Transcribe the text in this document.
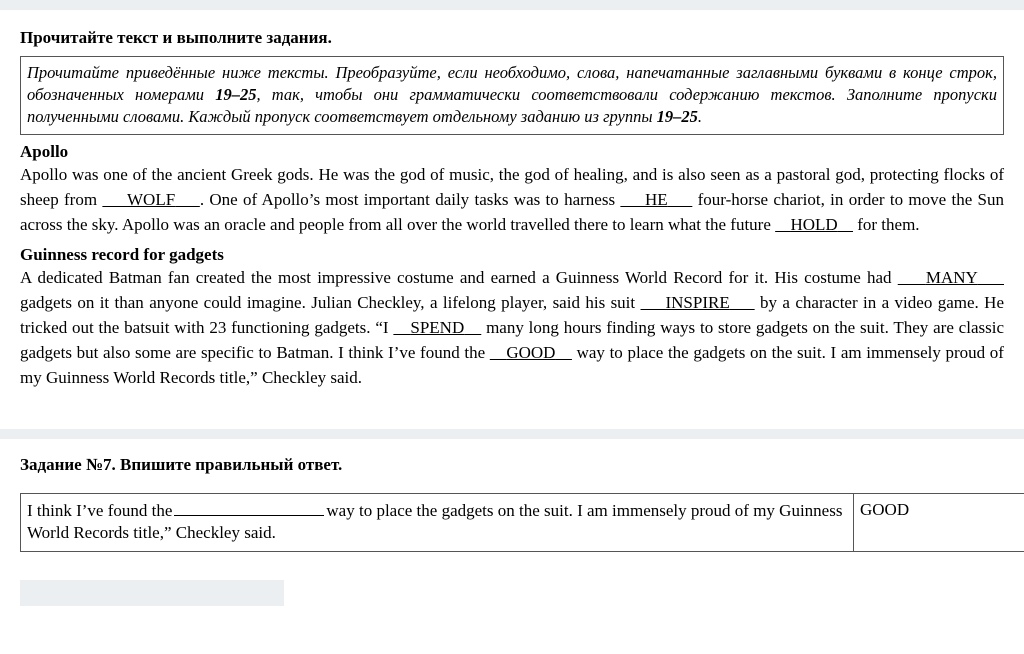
Прочитайте текст и выполните задания.

Прочитайте приведённые ниже тексты. Преобразуйте, если необходимо, слова, напечатанные заглавными буквами в конце строк, обозначенных номерами 19–25, так, чтобы они грамматически соответствовали содержанию текстов. Заполните пропуски полученными словами. Каждый пропуск соответствует отдельному заданию из группы 19–25.

Apollo

Apollo was one of the ancient Greek gods. He was the god of music, the god of healing, and is also seen as a pastoral god, protecting flocks of sheep from     WOLF . One of Apollo’s most important daily tasks was to harness     HE     four-horse chariot, in order to move the Sun across the sky. Apollo was an oracle and people from all over the world travelled there to learn what the future    HOLD    for them.

Guinness record for gadgets

A dedicated Batman fan created the most impressive costume and earned a Guinness World Record for it. His costume had     MANY     gadgets on it than anyone could imagine. Julian Checkley, a lifelong player, said his suit     INSPIRE     by a character in a video game. He tricked out the batsuit with 23 functioning gadgets. “I    SPEND    many long hours finding ways to store gadgets on the suit. They are classic gadgets but also some are specific to Batman. I think I’ve found the    GOOD    way to place the gadgets on the suit. I am immensely proud of my Guinness World Records title,” Checkley said.

Задание №7. Впишите правильный ответ.
I think I’ve found the	way to place the gadgets on the suit. I am immensely proud of my Guinness World Records title,” Checkley said.	GOOD
